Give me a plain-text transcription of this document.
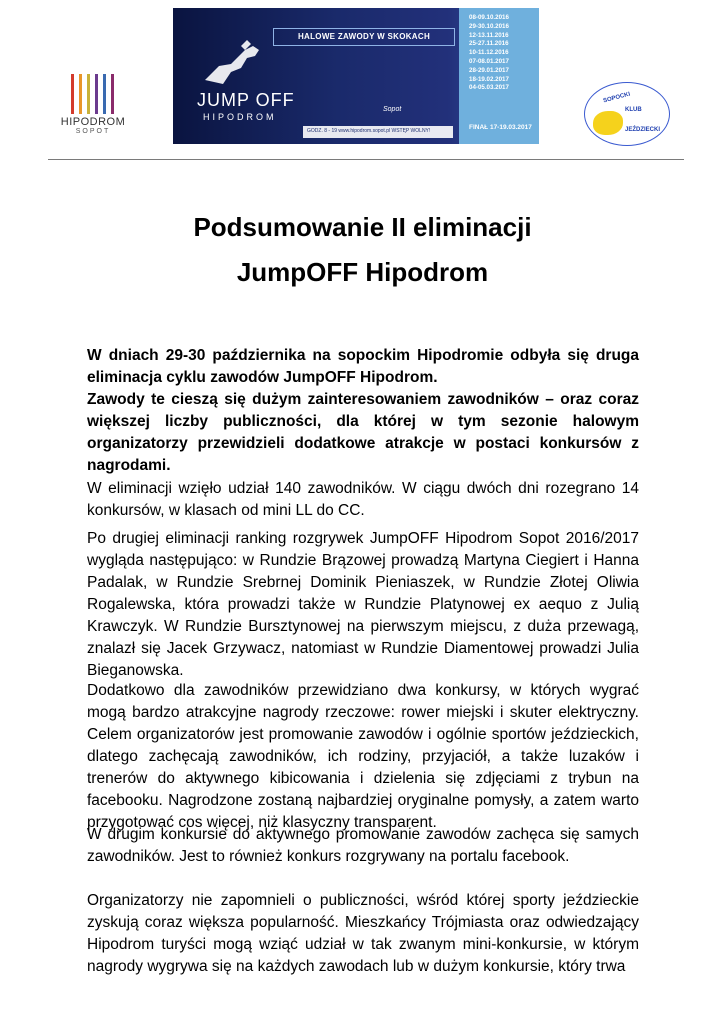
HIPODROM
SOPOT
HALOWE ZAWODY W SKOKACH
JUMP OFF
HIPODROM
Sopot
GODZ. 8 - 19 www.hipodrom.sopot.pl WSTĘP WOLNY!
08-09.10.2016
29-30.10.2016
12-13.11.2016
25-27.11.2016
10-11.12.2016
07-08.01.2017
28-29.01.2017
18-19.02.2017
04-05.03.2017
FINAŁ 17-19.03.2017
SOPOCKI
KLUB
JEŹDZIECKI
Podsumowanie II eliminacji
JumpOFF Hipodrom

W dniach 29-30 października na sopockim Hipodromie odbyła się druga eliminacja cyklu zawodów JumpOFF Hipodrom.

Zawody te cieszą się dużym zainteresowaniem zawodników – oraz coraz większej liczby publiczności, dla której w tym sezonie halowym organizatorzy przewidzieli dodatkowe atrakcje w postaci konkursów z nagrodami.

W eliminacji wzięło udział 140 zawodników. W ciągu dwóch dni rozegrano 14 konkursów, w klasach od mini LL do CC.

Po drugiej eliminacji ranking rozgrywek JumpOFF Hipodrom Sopot 2016/2017 wygląda następująco: w Rundzie Brązowej prowadzą Martyna Ciegiert i Hanna Padalak, w Rundzie Srebrnej Dominik Pieniaszek, w Rundzie Złotej Oliwia Rogalewska, która prowadzi także w Rundzie Platynowej ex aequo z Julią Krawczyk. W Rundzie Bursztynowej na pierwszym miejscu, z duża przewagą, znalazł się Jacek Grzywacz, natomiast w Rundzie Diamentowej prowadzi Julia Bieganowska.

Dodatkowo dla zawodników przewidziano dwa konkursy, w których wygrać mogą bardzo atrakcyjne nagrody rzeczowe: rower miejski i skuter elektryczny. Celem organizatorów jest promowanie zawodów i ogólnie sportów jeździeckich, dlatego zachęcają zawodników, ich rodziny, przyjaciół, a także luzaków i trenerów do aktywnego kibicowania i dzielenia się zdjęciami z trybun na facebooku. Nagrodzone zostaną najbardziej oryginalne pomysły, a zatem warto przygotować cos więcej, niż klasyczny transparent.

W drugim konkursie do aktywnego promowanie zawodów zachęca się samych zawodników. Jest to również konkurs rozgrywany na portalu facebook.

Organizatorzy nie zapomnieli o publiczności, wśród której sporty jeździeckie zyskują coraz większa popularność. Mieszkańcy Trójmiasta oraz odwiedzający Hipodrom turyści mogą wziąć udział w tak zwanym mini-konkursie, w którym nagrody wygrywa się na każdych zawodach lub w dużym konkursie, który trwa
